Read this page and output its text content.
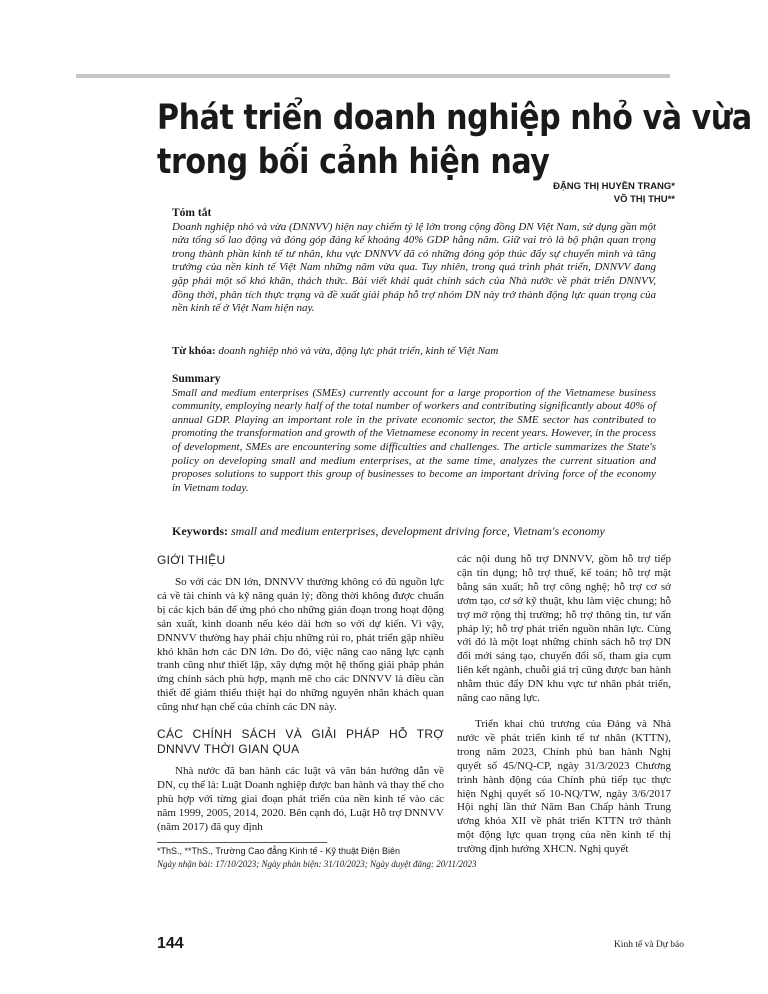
Phát triển doanh nghiệp nhỏ và vừa
trong bối cảnh hiện nay
ĐẶNG THỊ HUYỀN TRANG*
VÕ THỊ THU**
Tóm tắt
Doanh nghiệp nhỏ và vừa (DNNVV) hiện nay chiếm tỷ lệ lớn trong cộng đồng DN Việt Nam, sử dụng gần một nửa tổng số lao động và đóng góp đáng kể khoảng 40% GDP hằng năm. Giữ vai trò là bộ phận quan trọng trong thành phần kinh tế tư nhân, khu vực DNNVV đã có những đóng góp thúc đẩy sự chuyển mình và tăng trưởng của nền kinh tế Việt Nam những năm vừa qua. Tuy nhiên, trong quá trình phát triển, DNNVV đang gặp phải một số khó khăn, thách thức. Bài viết khái quát chính sách của Nhà nước về phát triển DNNVV, đồng thời, phân tích thực trạng và đề xuất giải pháp hỗ trợ nhóm DN này trở thành động lực quan trọng của nền kinh tế ở Việt Nam hiện nay.
Từ khóa: doanh nghiệp nhỏ và vừa, động lực phát triển, kinh tế Việt Nam
Summary
Small and medium enterprises (SMEs) currently account for a large proportion of the Vietnamese business community, employing nearly half of the total number of workers and contributing significantly about 40% of annual GDP. Playing an important role in the private economic sector, the SME sector has contributed to promoting the transformation and growth of the Vietnamese economy in recent years. However, in the process of development, SMEs are encountering some difficulties and challenges. The article summarizes the State's policy on developing small and medium enterprises, at the same time, analyzes the current situation and proposes solutions to support this group of businesses to become an important driving force of the economy in Vietnam today.
Keywords: small and medium enterprises, development driving force, Vietnam's economy
GIỚI THIỆU

So với các DN lớn, DNNVV thường không có đủ nguồn lực cả về tài chính và kỹ năng quản lý; đồng thời không được chuẩn bị các kịch bản để ứng phó cho những gián đoạn trong hoạt động sản xuất, kinh doanh nếu kéo dài hơn so với dự kiến. Vì vậy, DNNVV thường hay phải chịu những rủi ro, phát triển gặp nhiều khó khăn hơn các DN lớn. Do đó, việc nâng cao năng lực cạnh tranh cũng như thiết lập, xây dựng một hệ thống giải pháp phản ứng chính sách phù hợp, mạnh mẽ cho các DNNVV là điều cần thiết để giảm thiểu thiệt hại do những nguyên nhân khách quan cũng như hạn chế của chính các DN này.

CÁC CHÍNH SÁCH VÀ GIẢI PHÁP HỖ TRỢ DNNVV THỜI GIAN QUA

Nhà nước đã ban hành các luật và văn bản hướng dẫn về DN, cụ thể là: Luật Doanh nghiệp được ban hành và thay thế cho phù hợp với từng giai đoạn phát triển của nền kinh tế vào các năm 1999, 2005, 2014, 2020. Bên cạnh đó, Luật Hỗ trợ DNNVV (năm 2017) đã quy định

các nội dung hỗ trợ DNNVV, gồm hỗ trợ tiếp cận tín dụng; hỗ trợ thuế, kế toán; hỗ trợ mặt bằng sản xuất; hỗ trợ công nghệ; hỗ trợ cơ sở ươm tạo, cơ sở kỹ thuật, khu làm việc chung; hỗ trợ mở rộng thị trường; hỗ trợ thông tin, tư vấn pháp lý; hỗ trợ phát triển nguồn nhân lực. Cùng với đó là một loạt những chính sách hỗ trợ DN đổi mới sáng tạo, chuyển đổi số, tham gia cụm liên kết ngành, chuỗi giá trị cũng được ban hành nhằm thúc đẩy DN khu vực tư nhân phát triển, nâng cao năng lực.

Triển khai chủ trương của Đảng và Nhà nước về phát triển kinh tế tư nhân (KTTN), trong năm 2023, Chính phủ ban hành Nghị quyết số 45/NQ-CP, ngày 31/3/2023 Chương trình hành động của Chính phủ tiếp tục thực hiện Nghị quyết số 10-NQ/TW, ngày 3/6/2017 Hội nghị lần thứ Năm Ban Chấp hành Trung ương khóa XII về phát triển KTTN trở thành một động lực quan trọng của nền kinh tế thị trường định hướng XHCN. Nghị quyết

*ThS., **ThS., Trường Cao đẳng Kinh tế - Kỹ thuật Điện Biên
Ngày nhận bài: 17/10/2023; Ngày phản biện: 31/10/2023; Ngày duyệt đăng: 20/11/2023
144	Kinh tế và Dự báo
